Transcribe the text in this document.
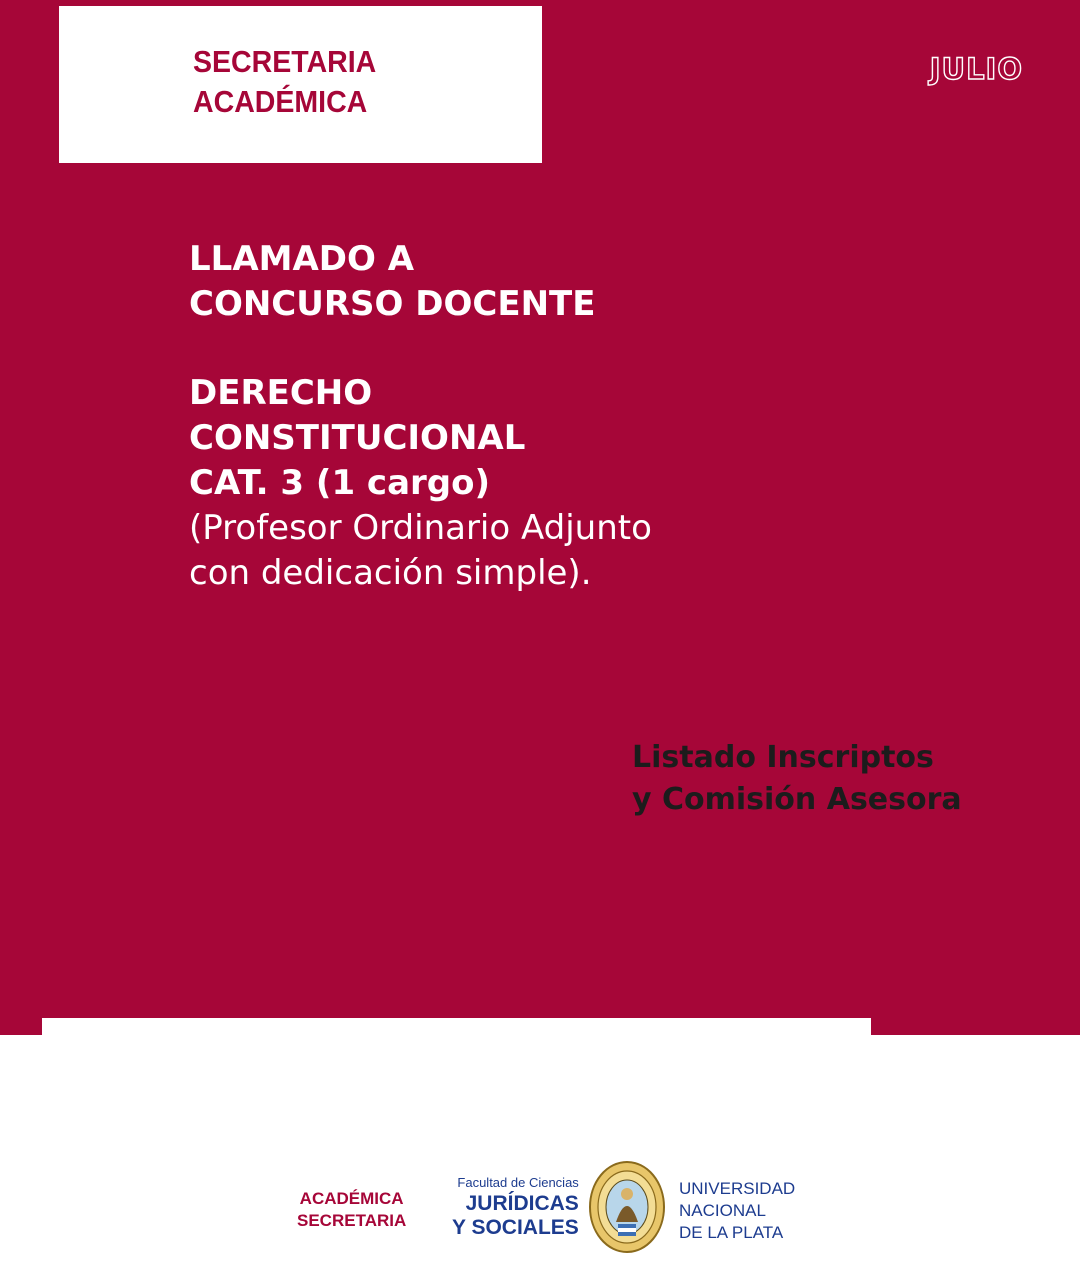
SECRETARIA
ACADÉMICA
JULIO
LLAMADO A
CONCURSO DOCENTE
DERECHO
CONSTITUCIONAL
CAT. 3 (1 cargo)
(Profesor Ordinario Adjunto
con dedicación simple).
Listado Inscriptos
y Comisión Asesora
ACADÉMICA
SECRETARIA
Facultad de Ciencias
JURÍDICAS
Y SOCIALES
UNIVERSIDAD
NACIONAL
DE LA PLATA
